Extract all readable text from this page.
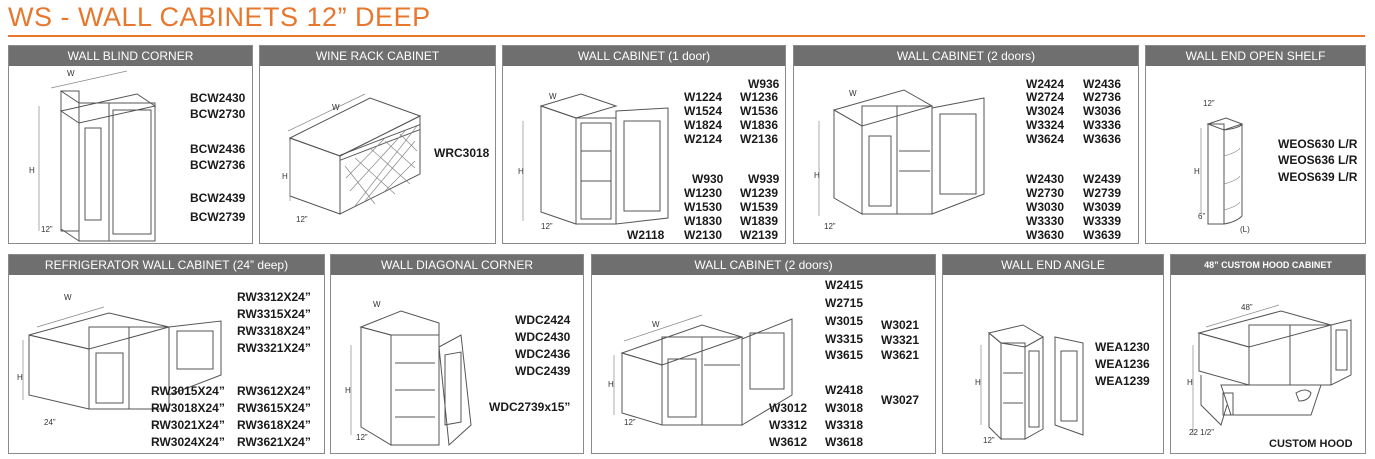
WS - WALL CABINETS 12” DEEP
WALL BLIND CORNER
W
H
12”
BCW2430
BCW2730
BCW2436
BCW2736
BCW2439
BCW2739
WINE RACK CABINET
W
H
12”
WRC3018
WALL CABINET (1 door)
W
H
12”
W936
W1224 W1236
W1524 W1536
W1824 W1836
W2124 W2136
W930 W939
W1230 W1239
W1530 W1539
W1830 W1839
W2118 W2130 W2139
WALL CABINET (2 doors)
W
H
12”
W2424 W2436
W2724 W2736
W3024 W3036
W3324 W3336
W3624 W3636
W2430 W2439
W2730 W2739
W3030 W3039
W3330 W3339
W3630 W3639
WALL END OPEN SHELF
12”
H
6”
(L)
WEOS630 L/R
WEOS636 L/R
WEOS639 L/R
REFRIGERATOR WALL CABINET (24” deep)
W
H
24”
RW3312X24”
RW3315X24”
RW3318X24”
RW3321X24”
RW3015X24” RW3612X24”
RW3018X24” RW3615X24”
RW3021X24” RW3618X24”
RW3024X24” RW3621X24”
WALL DIAGONAL CORNER
W
H
12”
WDC2424
WDC2430
WDC2436
WDC2439
WDC2739x15”
WALL CABINET (2 doors)
W
H
12”
W2415
W2715
W3015 W3021
W3315 W3321
W3615 W3621
W2418
W3027
W3012 W3018
W3312 W3318
W3612 W3618
WALL END ANGLE
H
12”
WEA1230
WEA1236
WEA1239
48” CUSTOM HOOD CABINET
48”
H
22 1/2”
CUSTOM HOOD
